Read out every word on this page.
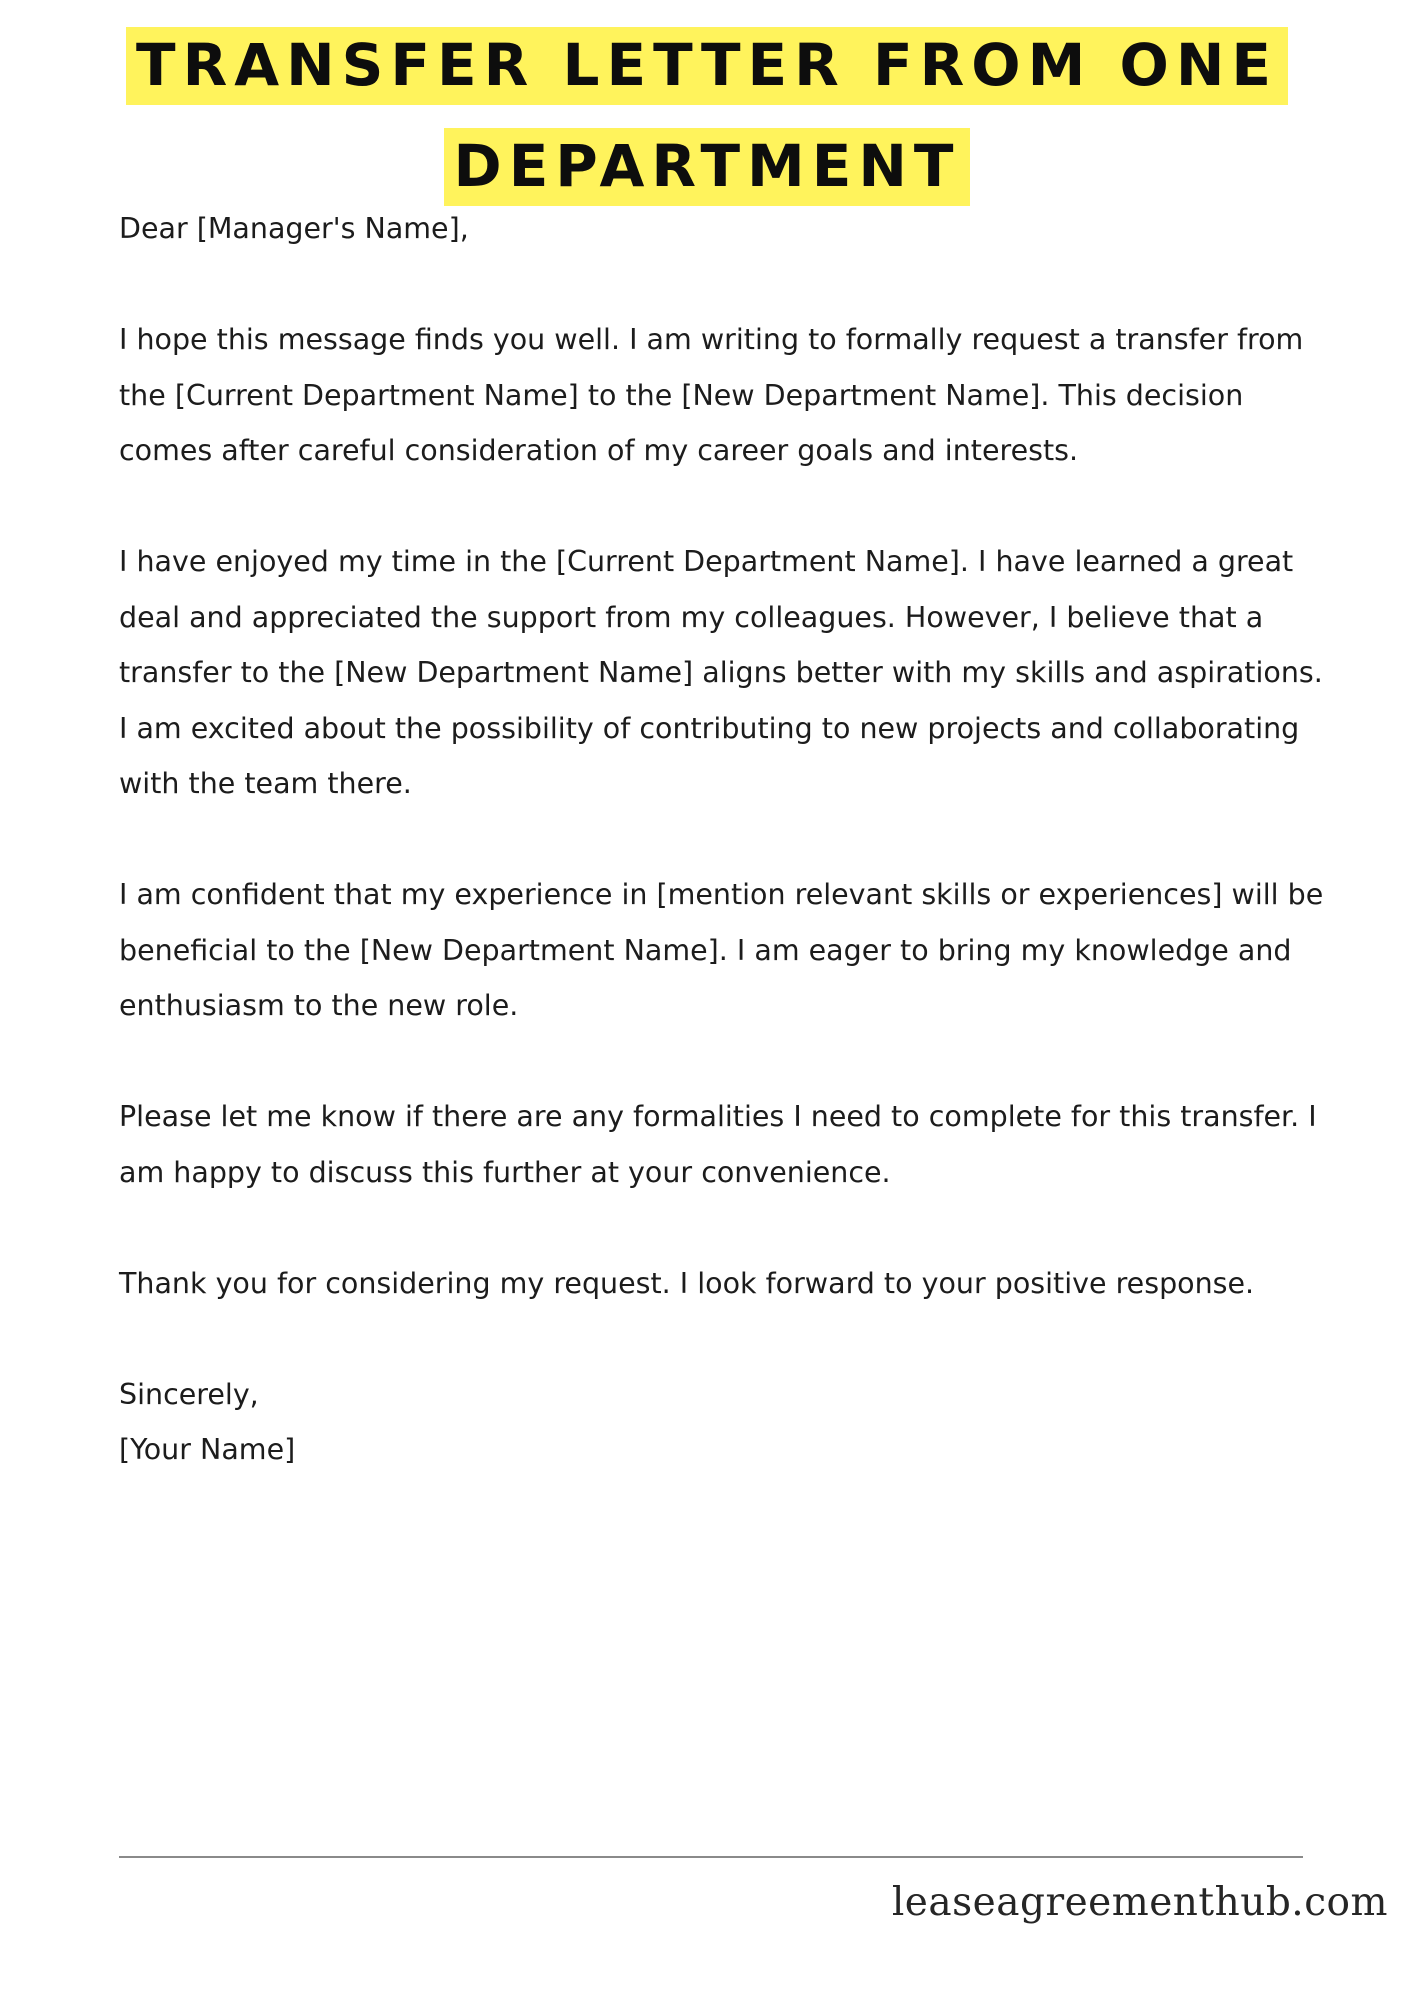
TRANSFER LETTER FROM ONE
DEPARTMENT

Dear [Manager's Name],

I hope this message finds you well. I am writing to formally request a transfer from the [Current Department Name] to the [New Department Name]. This decision comes after careful consideration of my career goals and interests.

I have enjoyed my time in the [Current Department Name]. I have learned a great deal and appreciated the support from my colleagues. However, I believe that a transfer to the [New Department Name] aligns better with my skills and aspirations. I am excited about the possibility of contributing to new projects and collaborating with the team there.

I am confident that my experience in [mention relevant skills or experiences] will be beneficial to the [New Department Name]. I am eager to bring my knowledge and enthusiasm to the new role.

Please let me know if there are any formalities I need to complete for this transfer. I am happy to discuss this further at your convenience.

Thank you for considering my request. I look forward to your positive response.

Sincerely,

[Your Name]

leaseagreementhub.com
